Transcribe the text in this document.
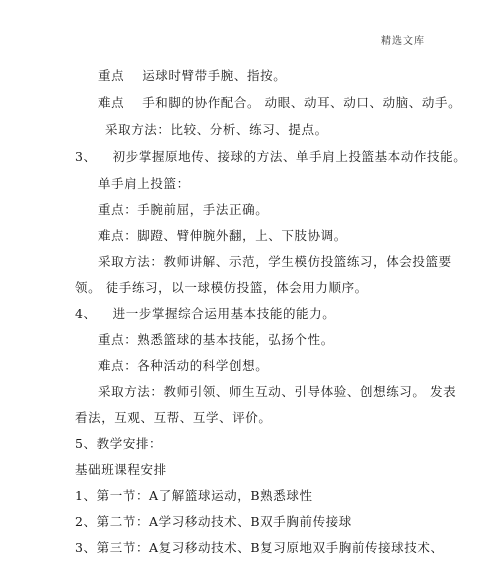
精选文库
重点 运球时臂带手腕、指按。
难点 手和脚的协作配合。 动眼、动耳、动口、动脑、动手。
采取方法：比较、分析、练习、提点。
3、 初步掌握原地传、接球的方法、单手肩上投篮基本动作技能。
单手肩上投篮：
重点：手腕前屈，手法正确。
难点：脚蹬、臂伸腕外翻，上、下肢协调。
采取方法：教师讲解、示范，学生模仿投篮练习，体会投篮要
领。 徒手练习，以一球模仿投篮，体会用力顺序。
4、 进一步掌握综合运用基本技能的能力。
重点：熟悉篮球的基本技能，弘扬个性。
难点：各种活动的科学创想。
采取方法：教师引领、师生互动、引导体验、创想练习。 发表
看法，互观、互帮、互学、评价。
5、教学安排：
基础班课程安排
1、第一节：A了解篮球运动，B熟悉球性
2、第二节：A学习移动技术、B双手胸前传接球
3、第三节：A复习移动技术、B复习原地双手胸前传接球技术、
